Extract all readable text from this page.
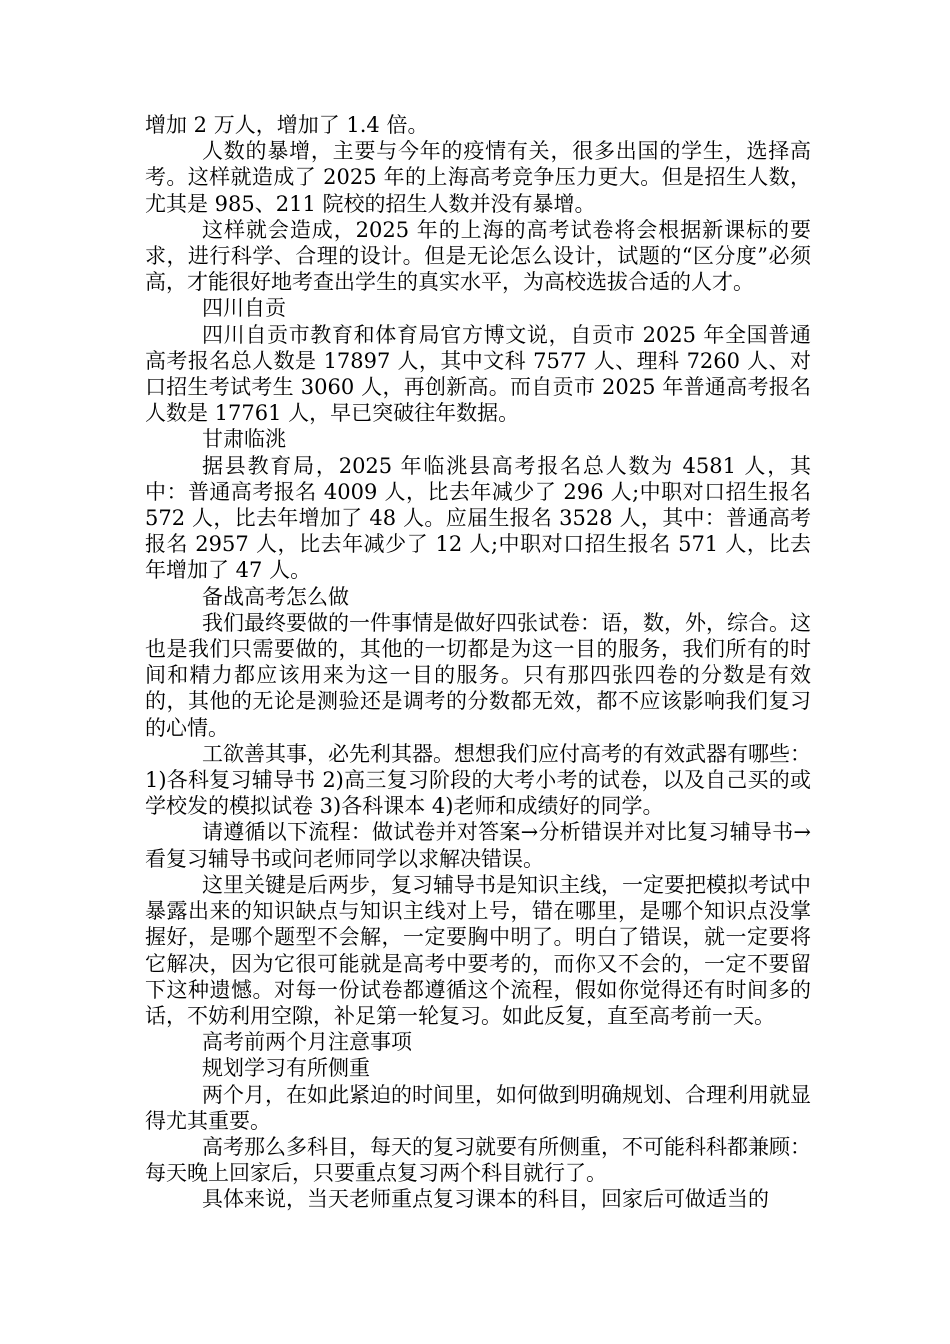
增加 2 万人，增加了 1.4 倍。

人数的暴增，主要与今年的疫情有关，很多出国的学生，选择高考。这样就造成了 2025 年的上海高考竞争压力更大。但是招生人数，尤其是 985、211 院校的招生人数并没有暴增。

这样就会造成，2025 年的上海的高考试卷将会根据新课标的要求，进行科学、合理的设计。但是无论怎么设计，试题的“区分度”必须高，才能很好地考查出学生的真实水平，为高校选拔合适的人才。

四川自贡

四川自贡市教育和体育局官方博文说，自贡市 2025 年全国普通高考报名总人数是 17897 人，其中文科 7577 人、理科 7260 人、对口招生考试考生 3060 人，再创新高。而自贡市 2025 年普通高考报名人数是 17761 人，早已突破往年数据。

甘肃临洮

据县教育局，2025 年临洮县高考报名总人数为 4581 人，其中：普通高考报名 4009 人，比去年减少了 296 人;中职对口招生报名 572 人，比去年增加了 48 人。应届生报名 3528 人，其中：普通高考报名 2957 人，比去年减少了 12 人;中职对口招生报名 571 人，比去年增加了 47 人。

备战高考怎么做

我们最终要做的一件事情是做好四张试卷：语，数，外，综合。这也是我们只需要做的，其他的一切都是为这一目的服务，我们所有的时间和精力都应该用来为这一目的服务。只有那四张四卷的分数是有效的，其他的无论是测验还是调考的分数都无效，都不应该影响我们复习的心情。

工欲善其事，必先利其器。想想我们应付高考的有效武器有哪些：1)各科复习辅导书 2)高三复习阶段的大考小考的试卷，以及自己买的或学校发的模拟试卷 3)各科课本 4)老师和成绩好的同学。

请遵循以下流程：做试卷并对答案→分析错误并对比复习辅导书→看复习辅导书或问老师同学以求解决错误。

这里关键是后两步，复习辅导书是知识主线，一定要把模拟考试中暴露出来的知识缺点与知识主线对上号，错在哪里，是哪个知识点没掌握好，是哪个题型不会解，一定要胸中明了。明白了错误，就一定要将它解决，因为它很可能就是高考中要考的，而你又不会的，一定不要留下这种遗憾。对每一份试卷都遵循这个流程，假如你觉得还有时间多的话，不妨利用空隙，补足第一轮复习。如此反复，直至高考前一天。

高考前两个月注意事项

规划学习有所侧重

两个月，在如此紧迫的时间里，如何做到明确规划、合理利用就显得尤其重要。

高考那么多科目，每天的复习就要有所侧重，不可能科科都兼顾：每天晚上回家后，只要重点复习两个科目就行了。

具体来说，当天老师重点复习课本的科目，回家后可做适当的
